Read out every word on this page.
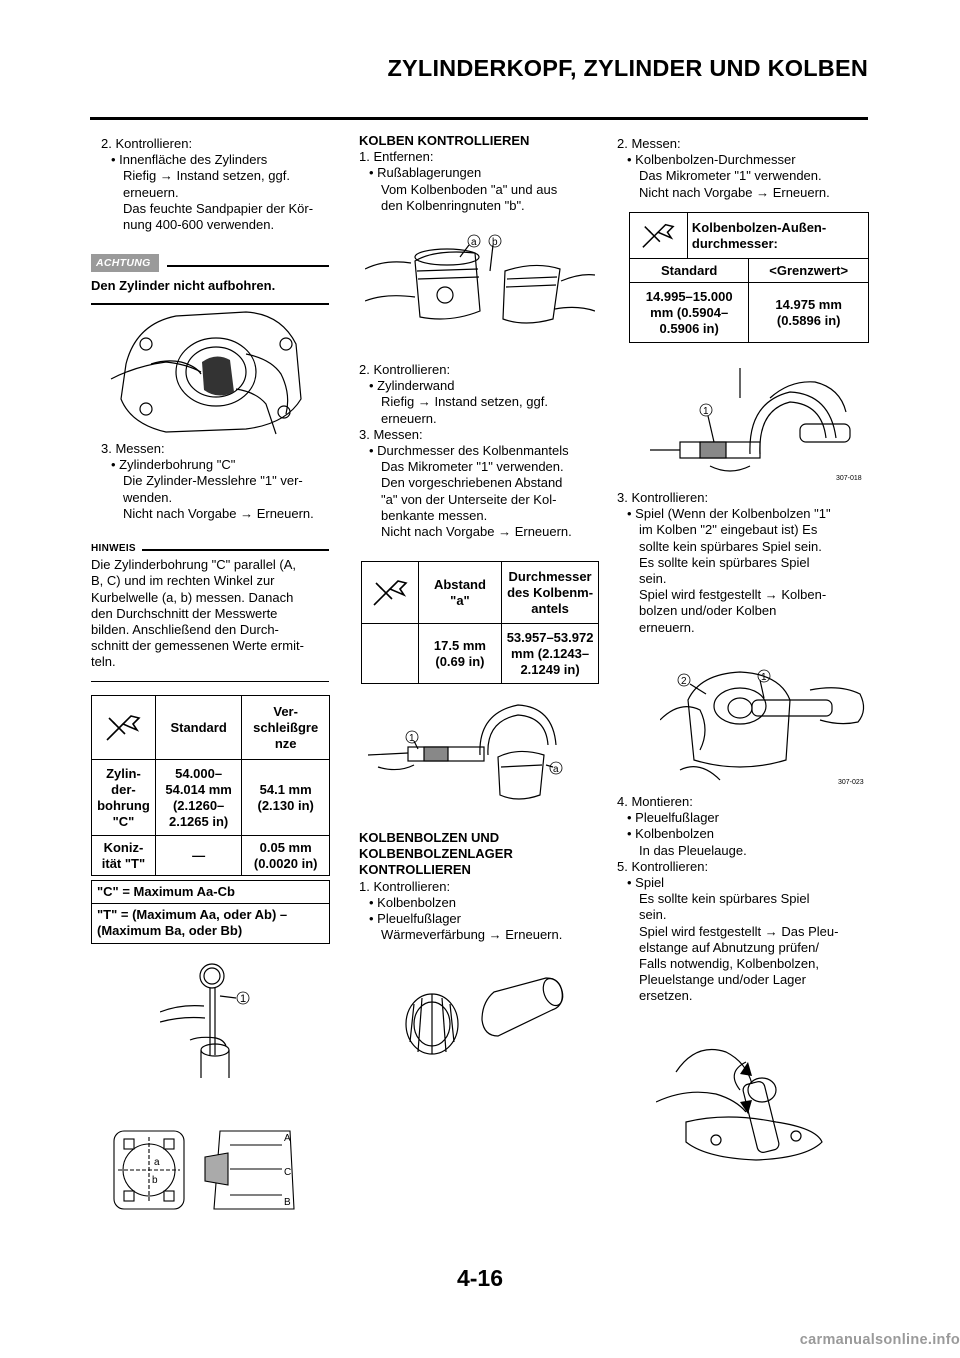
ZYLINDERKOPF, ZYLINDER UND KOLBEN
2. Kontrollieren:
• Innenfläche des Zylinders
Riefig → Instand setzen, ggf.
erneuern.
Das feuchte Sandpapier der Kör-
nung 400-600 verwenden.
ACHTUNG
Den Zylinder nicht aufbohren.
3. Messen:
• Zylinderbohrung "C"
Die Zylinder-Messlehre "1" ver-
wenden.
Nicht nach Vorgabe → Erneuern.
HINWEIS
Die Zylinderbohrung "C" parallel (A,
B, C) und im rechten Winkel zur
Kurbelwelle (a, b) messen. Danach
den Durchschnitt der Messwerte
bilden. Anschließend den Durch-
schnitt der gemessenen Werte ermit-
teln.
	Standard	Ver-
schleißgre
nze
Zylin-
der-
bohrung
"C"	54.000–
54.014 mm
(2.1260–
2.1265 in)	54.1 mm
(2.130 in)
Koniz-
ität "T"	—	0.05 mm
(0.0020 in)
"C" = Maximum Aa-Cb
"T" = (Maximum Aa, oder Ab) –
(Maximum Ba, oder Bb)
1
a
b
A
C
B
KOLBEN KONTROLLIEREN
1. Entfernen:
• Rußablagerungen
Vom Kolbenboden "a" und aus
den Kolbenringnuten "b".
a b
2. Kontrollieren:
• Zylinderwand
Riefig → Instand setzen, ggf.
erneuern.
3. Messen:
• Durchmesser des Kolbenmantels
Das Mikrometer "1" verwenden.
Den vorgeschriebenen Abstand
"a" von der Unterseite der Kol-
benkante messen.
Nicht nach Vorgabe → Erneuern.
	Abstand
"a"	Durchmesser
des Kolbenm-
antels
	17.5 mm
(0.69 in)	53.957–53.972
mm (2.1243–
2.1249 in)
1
a
KOLBENBOLZEN UND
KOLBENBOLZENLAGER
KONTROLLIEREN
1. Kontrollieren:
• Kolbenbolzen
• Pleuelfußlager
Wärmeverfärbung → Erneuern.
2. Messen:
• Kolbenbolzen-Durchmesser
Das Mikrometer "1" verwenden.
Nicht nach Vorgabe → Erneuern.
	Kolbenbolzen-Außen-
durchmesser:	
Standard		<Grenzwert>
14.995–15.000
mm (0.5904–
0.5906 in)		14.975 mm
(0.5896 in)
1
307-018
3. Kontrollieren:
• Spiel (Wenn der Kolbenbolzen "1"
im Kolben "2" eingebaut ist) Es
sollte kein spürbares Spiel sein.
Es sollte kein spürbares Spiel
sein.
Spiel wird festgestellt → Kolben-
bolzen und/oder Kolben
erneuern.
2	1
307-023
4. Montieren:
• Pleuelfußlager
• Kolbenbolzen
In das Pleuelauge.
5. Kontrollieren:
• Spiel
Es sollte kein spürbares Spiel
sein.
Spiel wird festgestellt → Das Pleu-
elstange auf Abnutzung prüfen/
Falls notwendig, Kolbenbolzen,
Pleuelstange und/oder Lager
ersetzen.
4-16
carmanualsonline.info
